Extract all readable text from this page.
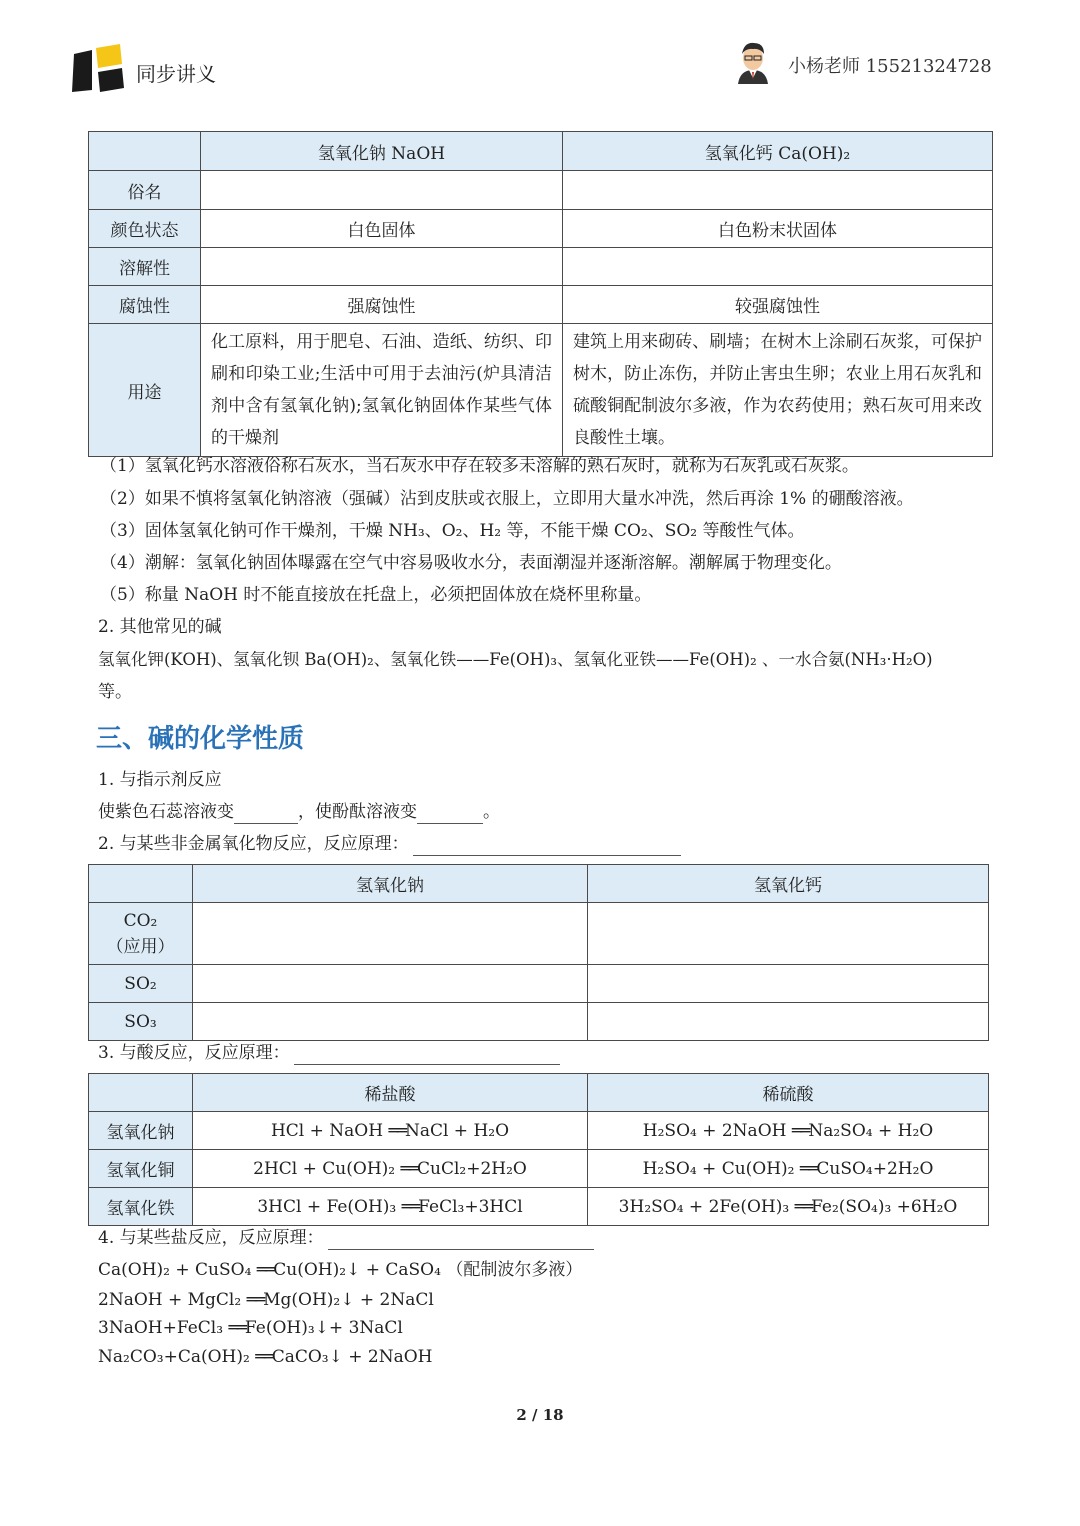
同步讲义	小杨老师 15521324728
	氢氧化钠 NaOH	氢氧化钙 Ca(OH)₂
俗名		
颜色状态	白色固体	白色粉末状固体
溶解性		
腐蚀性	强腐蚀性	较强腐蚀性
用途	化工原料，用于肥皂、石油、造纸、纺织、印刷和印染工业;生活中可用于去油污(炉具清洁剂中含有氢氧化钠);氢氧化钠固体作某些气体的干燥剂	建筑上用来砌砖、刷墙；在树木上涂刷石灰浆，可保护树木，防止冻伤，并防止害虫生卵；农业上用石灰乳和硫酸铜配制波尔多液，作为农药使用；熟石灰可用来改良酸性土壤。
（1）氢氧化钙水溶液俗称石灰水，当石灰水中存在较多未溶解的熟石灰时，就称为石灰乳或石灰浆。
（2）如果不慎将氢氧化钠溶液（强碱）沾到皮肤或衣服上，立即用大量水冲洗，然后再涂 1% 的硼酸溶液。
（3）固体氢氧化钠可作干燥剂，干燥 NH₃、O₂、H₂ 等，不能干燥 CO₂、SO₂ 等酸性气体。
（4）潮解：氢氧化钠固体曝露在空气中容易吸收水分，表面潮湿并逐渐溶解。潮解属于物理变化。
（5）称量 NaOH 时不能直接放在托盘上，必须把固体放在烧杯里称量。
2. 其他常见的碱
氢氧化钾(KOH)、氢氧化钡 Ba(OH)₂、氢氧化铁——Fe(OH)₃、氢氧化亚铁——Fe(OH)₂ 、一水合氨(NH₃·H₂O)
等。
三、碱的化学性质
1. 与指示剂反应
使紫色石蕊溶液变	，使酚酞溶液变	。
2. 与某些非金属氧化物反应，反应原理：
	氢氧化钠	氢氧化钙

CO₂
（应用）		

SO₂		
SO₃		
3. 与酸反应，反应原理：
	稀盐酸	稀硫酸
氢氧化钠	HCl + NaOH ══NaCl + H₂O	H₂SO₄ + 2NaOH ══Na₂SO₄ + H₂O
氢氧化铜	2HCl + Cu(OH)₂ ══CuCl₂+2H₂O	H₂SO₄ + Cu(OH)₂ ══CuSO₄+2H₂O
氢氧化铁	3HCl + Fe(OH)₃ ══FeCl₃+3HCl	3H₂SO₄ + 2Fe(OH)₃ ══Fe₂(SO₄)₃ +6H₂O
4. 与某些盐反应，反应原理：
Ca(OH)₂ + CuSO₄ ══Cu(OH)₂↓ + CaSO₄ （配制波尔多液）
2NaOH + MgCl₂ ══Mg(OH)₂↓ + 2NaCl
3NaOH+FeCl₃ ══Fe(OH)₃↓+ 3NaCl
Na₂CO₃+Ca(OH)₂ ══CaCO₃↓ + 2NaOH
2 / 18
